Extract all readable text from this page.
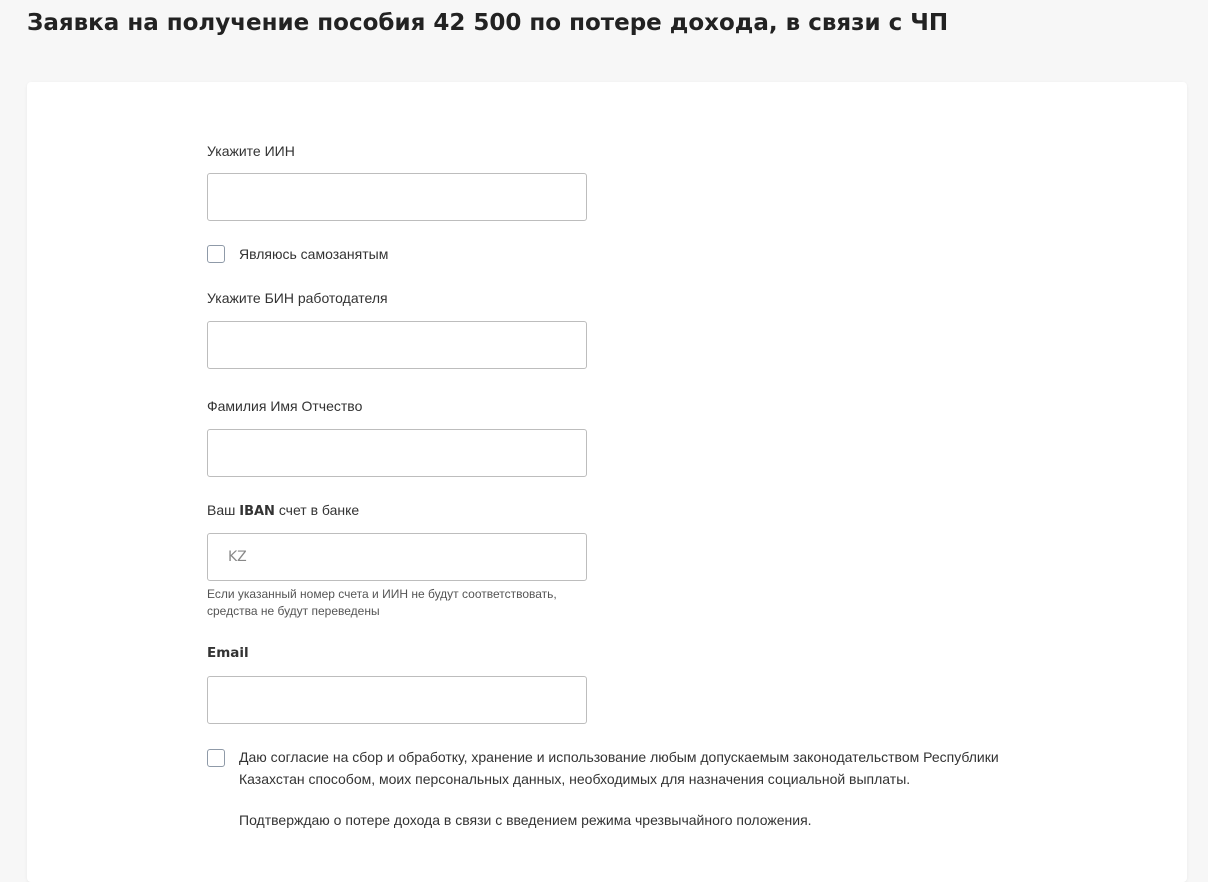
Заявка на получение пособия 42 500 по потере дохода, в связи с ЧП
Укажите ИИН
Являюсь самозанятым
Укажите БИН работодателя
Фамилия Имя Отчество
Ваш IBAN счет в банке
KZ
Если указанный номер счета и ИИН не будут соответствовать,
средства не будут переведены
Email
Даю согласие на сбор и обработку, хранение и использование любым допускаемым законодательством Республики
Казахстан способом, моих персональных данных, необходимых для назначения социальной выплаты.
Подтверждаю о потере дохода в связи с введением режима чрезвычайного положения.
